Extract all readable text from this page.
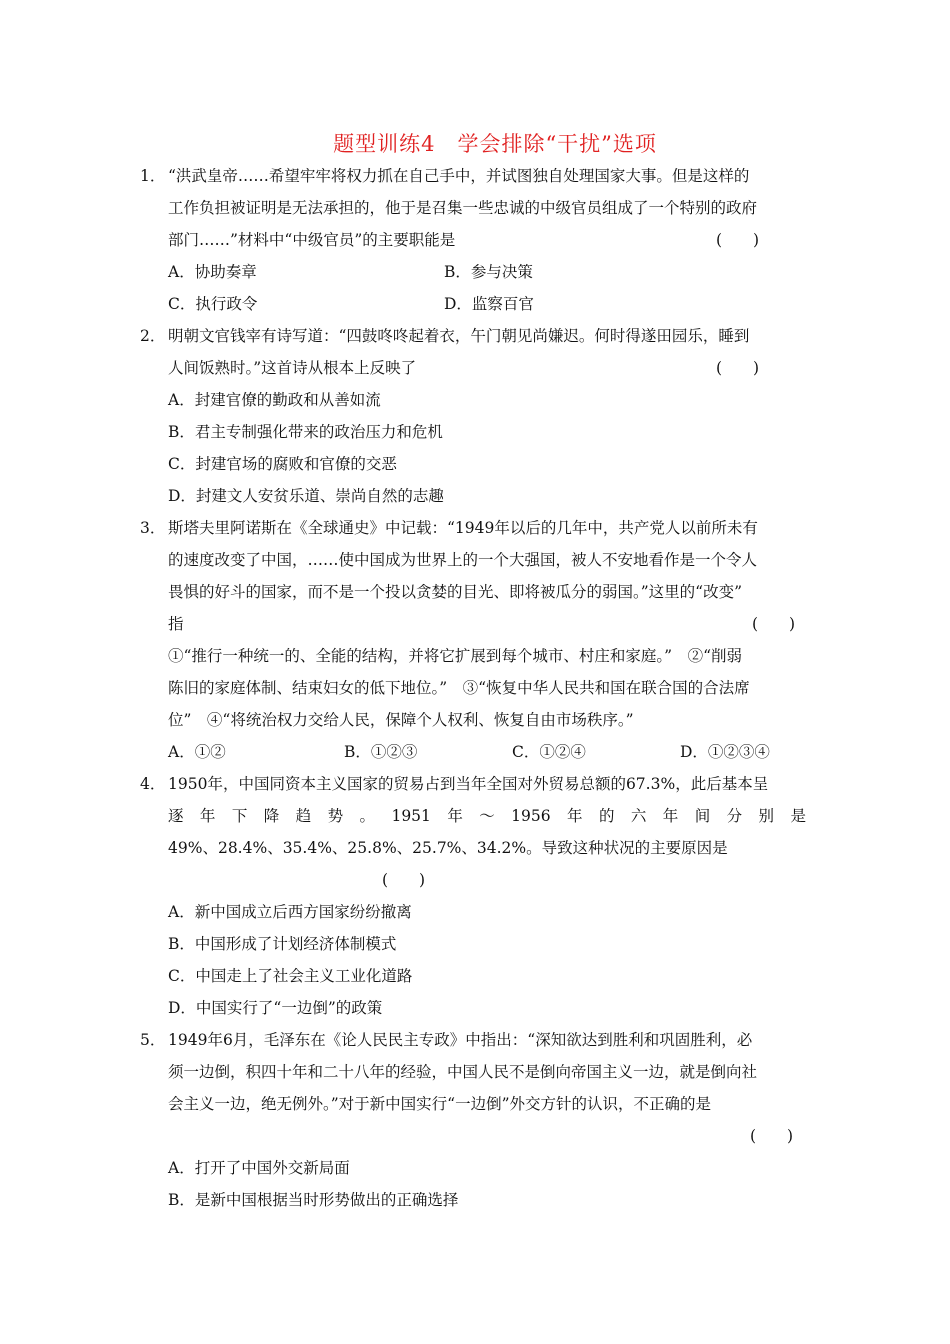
题型训练4　学会排除“干扰”选项
1． “洪武皇帝……希望牢牢将权力抓在自己手中，并试图独自处理国家大事。但是这样的
工作负担被证明是无法承担的，他于是召集一些忠诚的中级官员组成了一个特别的政府
部门……”材料中“中级官员”的主要职能是	(　　)
A．协助奏章	B．参与决策
C．执行政令	D．监察百官
2． 明朝文官钱宰有诗写道：“四鼓咚咚起着衣，午门朝见尚嫌迟。何时得遂田园乐，睡到
人间饭熟时。”这首诗从根本上反映了	(　　)
A．封建官僚的勤政和从善如流
B．君主专制强化带来的政治压力和危机
C．封建官场的腐败和官僚的交恶
D．封建文人安贫乐道、崇尚自然的志趣
3． 斯塔夫里阿诺斯在《全球通史》中记载：“1949年以后的几年中，共产党人以前所未有
的速度改变了中国，……使中国成为世界上的一个大强国，被人不安地看作是一个令人
畏惧的好斗的国家，而不是一个投以贪婪的目光、即将被瓜分的弱国。”这里的“改变”
指	(　　)
①“推行一种统一的、全能的结构，并将它扩展到每个城市、村庄和家庭。”　②“削弱
陈旧的家庭体制、结束妇女的低下地位。”　③“恢复中华人民共和国在联合国的合法席
位”　④“将统治权力交给人民，保障个人权利、恢复自由市场秩序。”
A．①②	B．①②③	C．①②④	D．①②③④
4． 1950年，中国同资本主义国家的贸易占到当年全国对外贸易总额的67.3%，此后基本呈
逐 年 下 降 趋 势 。 1951 年 ～ 1956 年 的 六 年 间 分 别 是
49%、28.4%、35.4%、25.8%、25.7%、34.2%。导致这种状况的主要原因是
(　　)
A．新中国成立后西方国家纷纷撤离
B．中国形成了计划经济体制模式
C．中国走上了社会主义工业化道路
D．中国实行了“一边倒”的政策
5． 1949年6月，毛泽东在《论人民民主专政》中指出：“深知欲达到胜利和巩固胜利，必
须一边倒，积四十年和二十八年的经验，中国人民不是倒向帝国主义一边，就是倒向社
会主义一边，绝无例外。”对于新中国实行“一边倒”外交方针的认识，不正确的是
(　　)
A．打开了中国外交新局面
B．是新中国根据当时形势做出的正确选择
